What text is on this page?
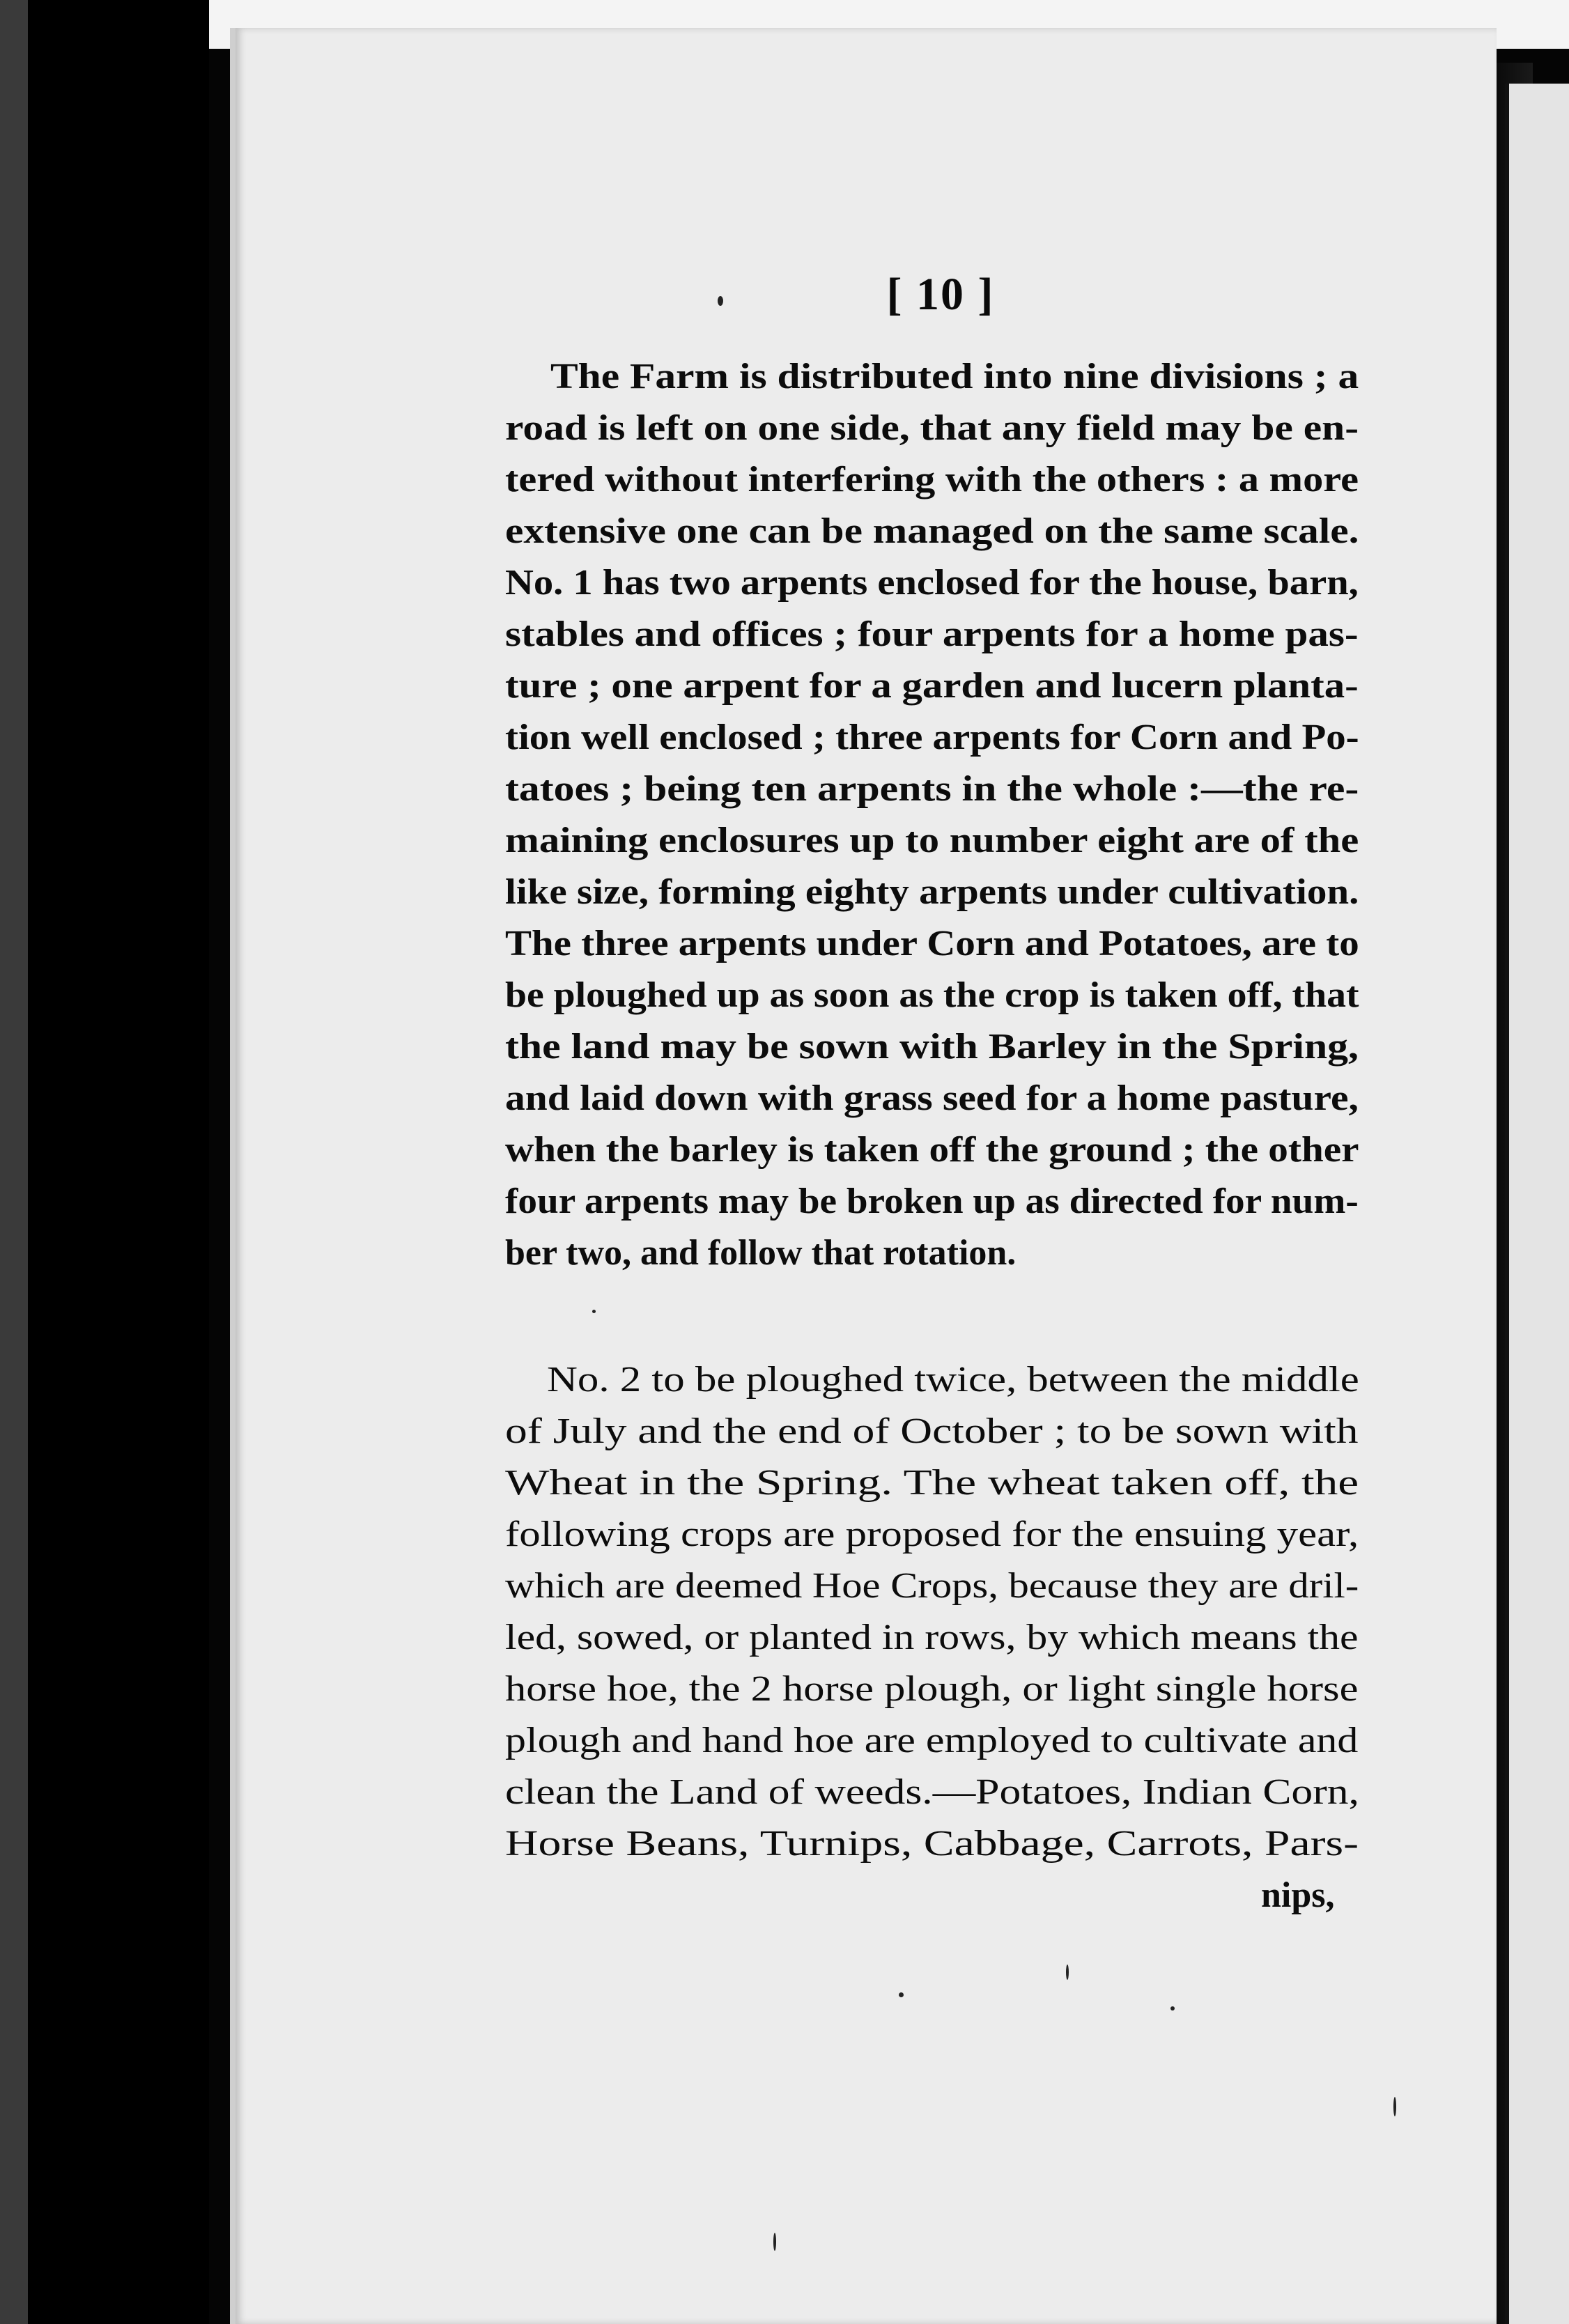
[ 10 ]
The Farm is distributed into nine divisions ; a
road is left on one side, that any field may be en-
tered without interfering with the others : a more
extensive one can be managed on the same scale.
No. 1 has two arpents enclosed for the house, barn,
stables and offices ; four arpents for a home pas-
ture ; one arpent for a garden and lucern planta-
tion well enclosed ; three arpents for Corn and Po-
tatoes ; being ten arpents in the whole :—the re-
maining enclosures up to number eight are of the
like size, forming eighty arpents under cultivation.
The three arpents under Corn and Potatoes, are to
be ploughed up as soon as the crop is taken off, that
the land may be sown with Barley in the Spring,
and laid down with grass seed for a home pasture,
when the barley is taken off the ground ; the other
four arpents may be broken up as directed for num-
ber two, and follow that rotation.
No. 2 to be ploughed twice, between the middle
of July and the end of October ; to be sown with
Wheat in the Spring. The wheat taken off, the
following crops are proposed for the ensuing year,
which are deemed Hoe Crops, because they are dril-
led, sowed, or planted in rows, by which means the
horse hoe, the 2 horse plough, or light single horse
plough and hand hoe are employed to cultivate and
clean the Land of weeds.—Potatoes, Indian Corn,
Horse Beans, Turnips, Cabbage, Carrots, Pars-
nips,
